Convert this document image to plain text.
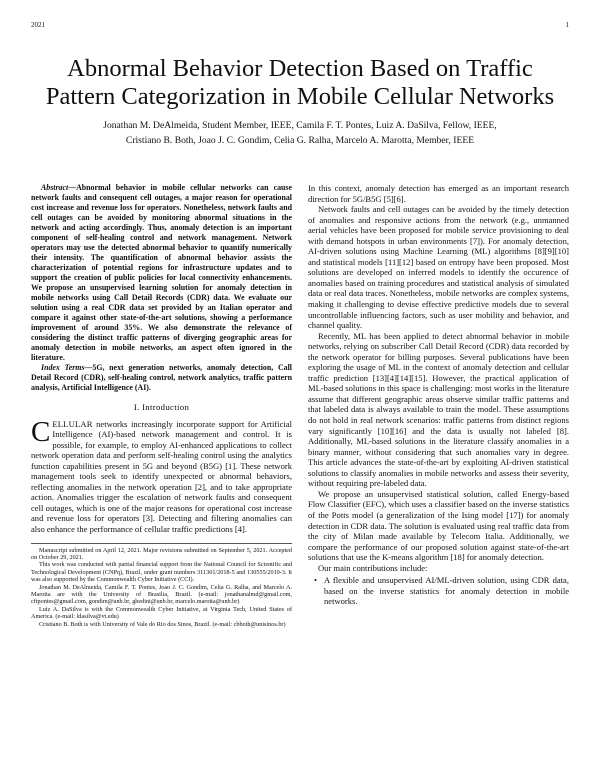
2021	1
Abnormal Behavior Detection Based on Traffic
Pattern Categorization in Mobile Cellular Networks
Jonathan M. DeAlmeida, Student Member, IEEE, Camila F. T. Pontes, Luiz A. DaSilva, Fellow, IEEE,
Cristiano B. Both, Joao J. C. Gondim, Celia G. Ralha, Marcelo A. Marotta, Member, IEEE

Abstract—Abnormal behavior in mobile cellular networks can cause network faults and consequent cell outages, a major reason for operational cost increase and revenue loss for operators. Nonetheless, network faults and cell outages can be avoided by monitoring abnormal situations in the network and acting accordingly. Thus, anomaly detection is an important component of self-healing control and network management. Network operators may use the detected abnormal behavior to quantify numerically their intensity. The quantification of abnormal behavior assists the characterization of potential regions for infrastructure updates and to support the creation of public policies for local connectivity enhancements. We propose an unsupervised learning solution for anomaly detection in mobile networks using Call Detail Records (CDR) data. We evaluate our solution using a real CDR data set provided by an Italian operator and compare it against other state-of-the-art solutions, showing a performance improvement of around 35%. We also demonstrate the relevance of considering the distinct traffic patterns of diverging geographic areas for anomaly detection in mobile networks, an aspect often ignored in the literature.

Index Terms—5G, next generation networks, anomaly detection, Call Detail Record (CDR), self-healing control, network analytics, traffic pattern analysis, Artificial Intelligence (AI).

I. Introduction

CELLULAR networks increasingly incorporate support for Artificial Intelligence (AI)-based network management and control. It is possible, for example, to employ AI-enhanced applications to collect network operation data and perform self-healing control using the analytics function capabilities present in 5G and beyond (B5G) [1]. These network management tools seek to identify unexpected or abnormal behaviors, reflecting anomalies in the network operation [2], and to take appropriate action. Anomalies trigger the escalation of network faults and consequent cell outages, which is one of the major reasons for operational cost increase and revenue loss for operators [3]. Detecting and filtering anomalies can also enhance the performance of cellular traffic predictions [4].

Manuscript submitted on April 12, 2021. Major revisions submitted on September 5, 2021. Accepted on October 29, 2021.
This work was conducted with partial financial support from the National Council for Scientific and Technological Development (CNPq), Brazil, under grant numbers 311301/2018-5 and 130555/2019-3. It was also supported by the Commonwealth Cyber Initiative (CCI).
Jonathan M. DeAlmeida, Camila F. T. Pontes, Joao J. C. Gondim, Celia G. Ralha, and Marcelo A. Marotta are with the University of Brasilia, Brazil. (e-mail: jonathanalmd@gmail.com, cftpontes@gmail.com, gondim@unb.br, ghedini@unb.br, marcelo.marotta@unb.br)
Luiz A. DaSilva is with the Commonwealth Cyber Initiative, at Virginia Tech, United States of America. (e-mail: ldasilva@vt.edu)
Cristiano B. Both is with University of Vale do Rio dos Sinos, Brazil. (e-mail: cbboth@unisinos.br)

In this context, anomaly detection has emerged as an important research direction for 5G/B5G [5][6].

Network faults and cell outages can be avoided by the timely detection of anomalies and responsive actions from the network (e.g., unmanned aerial vehicles have been proposed for mobile service provisioning to deal with demand hotspots in urban environments [7]). For anomaly detection, AI-driven solutions using Machine Learning (ML) algorithms [8][9][10] and statistical models [11][12] based on entropy have been proposed. Most solutions are developed on inferred models to identify the occurence of anomalies based on training procedures and statistical analysis of simulated data or real data traces. Nonetheless, mobile networks are complex systems, making it challenging to devise effective predictive models due to several uncontrollable influencing factors, such as user mobility and behavior, and channel quality.

Recently, ML has been applied to detect abnormal behavior in mobile networks, relying on subscriber Call Detail Record (CDR) data recorded by the network operator for billing purposes. Several publications have been exploring the usage of ML in the context of anomaly detection and cellular traffic prediction [13][4][14][15]. However, the practical application of ML-based solutions in this space is challenging: most works in the literature assume that different geographic areas observe similar traffic patterns and that labeled data is always available to train the model. These assumptions do not hold in real network scenarios: traffic patterns from distinct regions vary significantly [10][16] and the data is usually not labeled [8]. Additionally, ML-based solutions in the literature classify anomalies in a binary manner, without considering that such anomalies vary in degree. This article advances the state-of-the-art by exploiting AI-driven statistical solutions to classify anomalies in mobile networks and assess their severity, without requiring pre-labeled data.

We propose an unsupervised statistical solution, called Energy-based Flow Classifier (EFC), which uses a classifier based on the inverse statistics of the Potts model (a generalization of the Ising model [17]) for anomaly detection in CDR data. The solution is evaluated using real traffic data from the city of Milan made available by Telecom Italia. Additionally, we compare the performance of our proposed solution against state-of-the-art solutions that use the K-means algorithm [18] for anomaly detection.

Our main contributions include:

• A flexible and unsupervised AI/ML-driven solution, using CDR data, based on the inverse statistics for anomaly detection in mobile networks.
